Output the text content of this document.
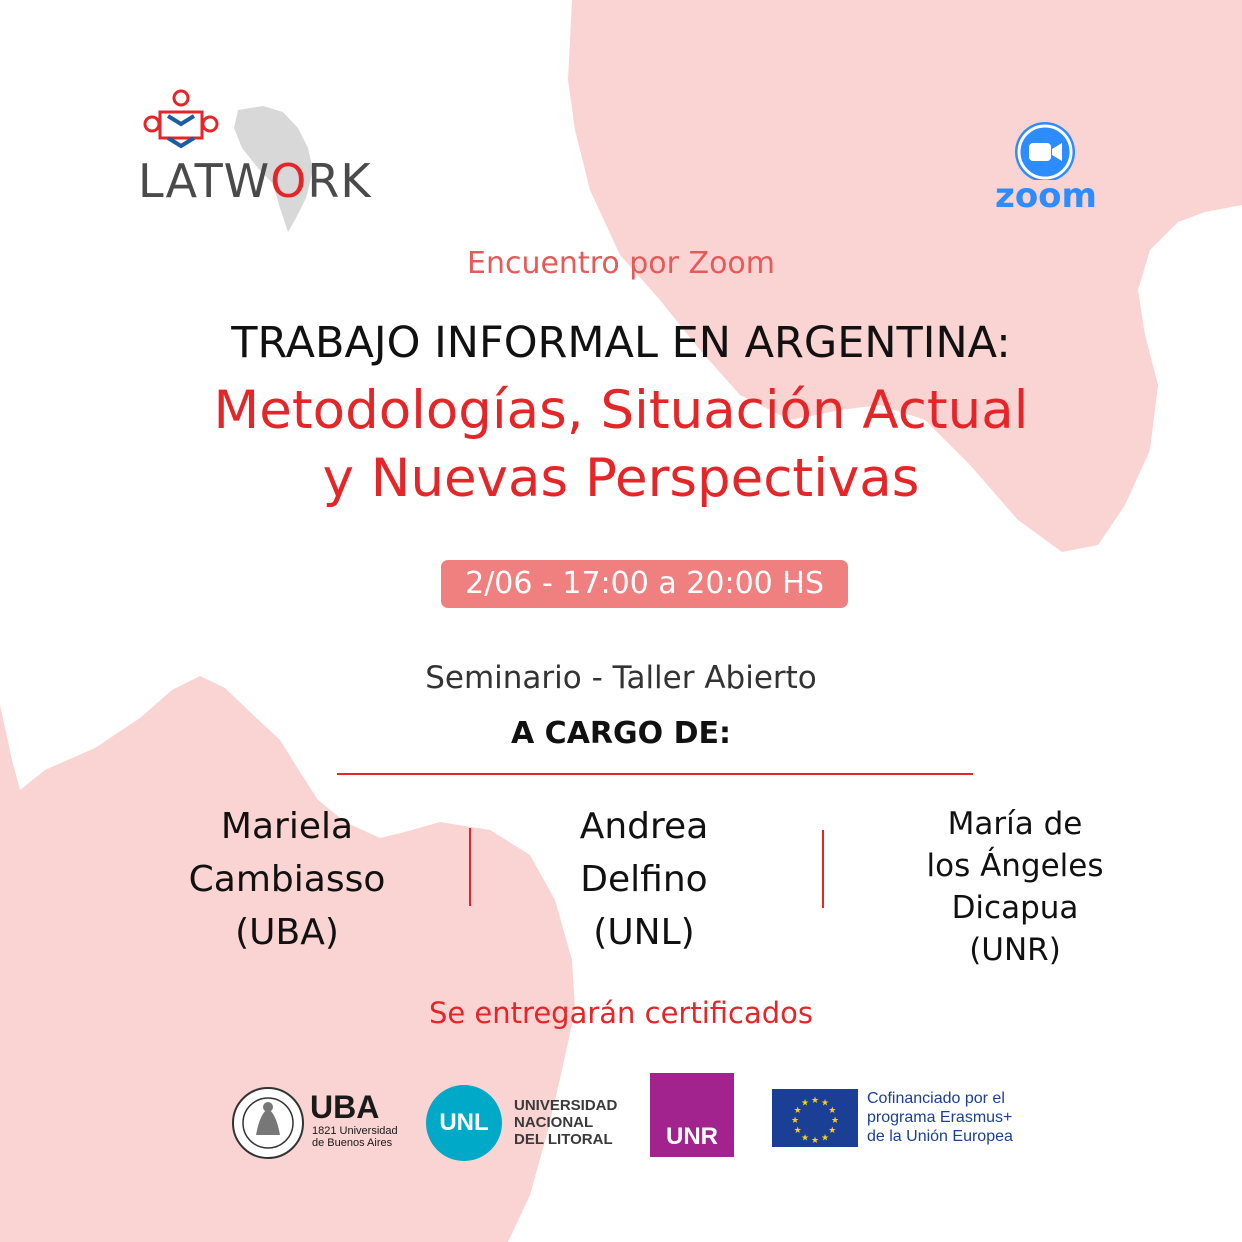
LATWORK	zoom
Encuentro por Zoom
TRABAJO INFORMAL EN ARGENTINA:
Metodologías, Situación Actual
y Nuevas Perspectivas
2/06 - 17:00 a 20:00 HS
Seminario - Taller Abierto
A CARGO DE:
Mariela
Cambiasso
(UBA)
Andrea
Delfino
(UNL)
María de
los Ángeles
Dicapua
(UNR)
Se entregarán certificados
UBA
1821 Universidad
de Buenos Aires
UNL
UNIVERSIDAD
NACIONAL
DEL LITORAL	UNR
★ ★
★
★
★
★
★
★
★
★
★
★	Cofinanciado por el
programa Erasmus+
de la Unión Europea
